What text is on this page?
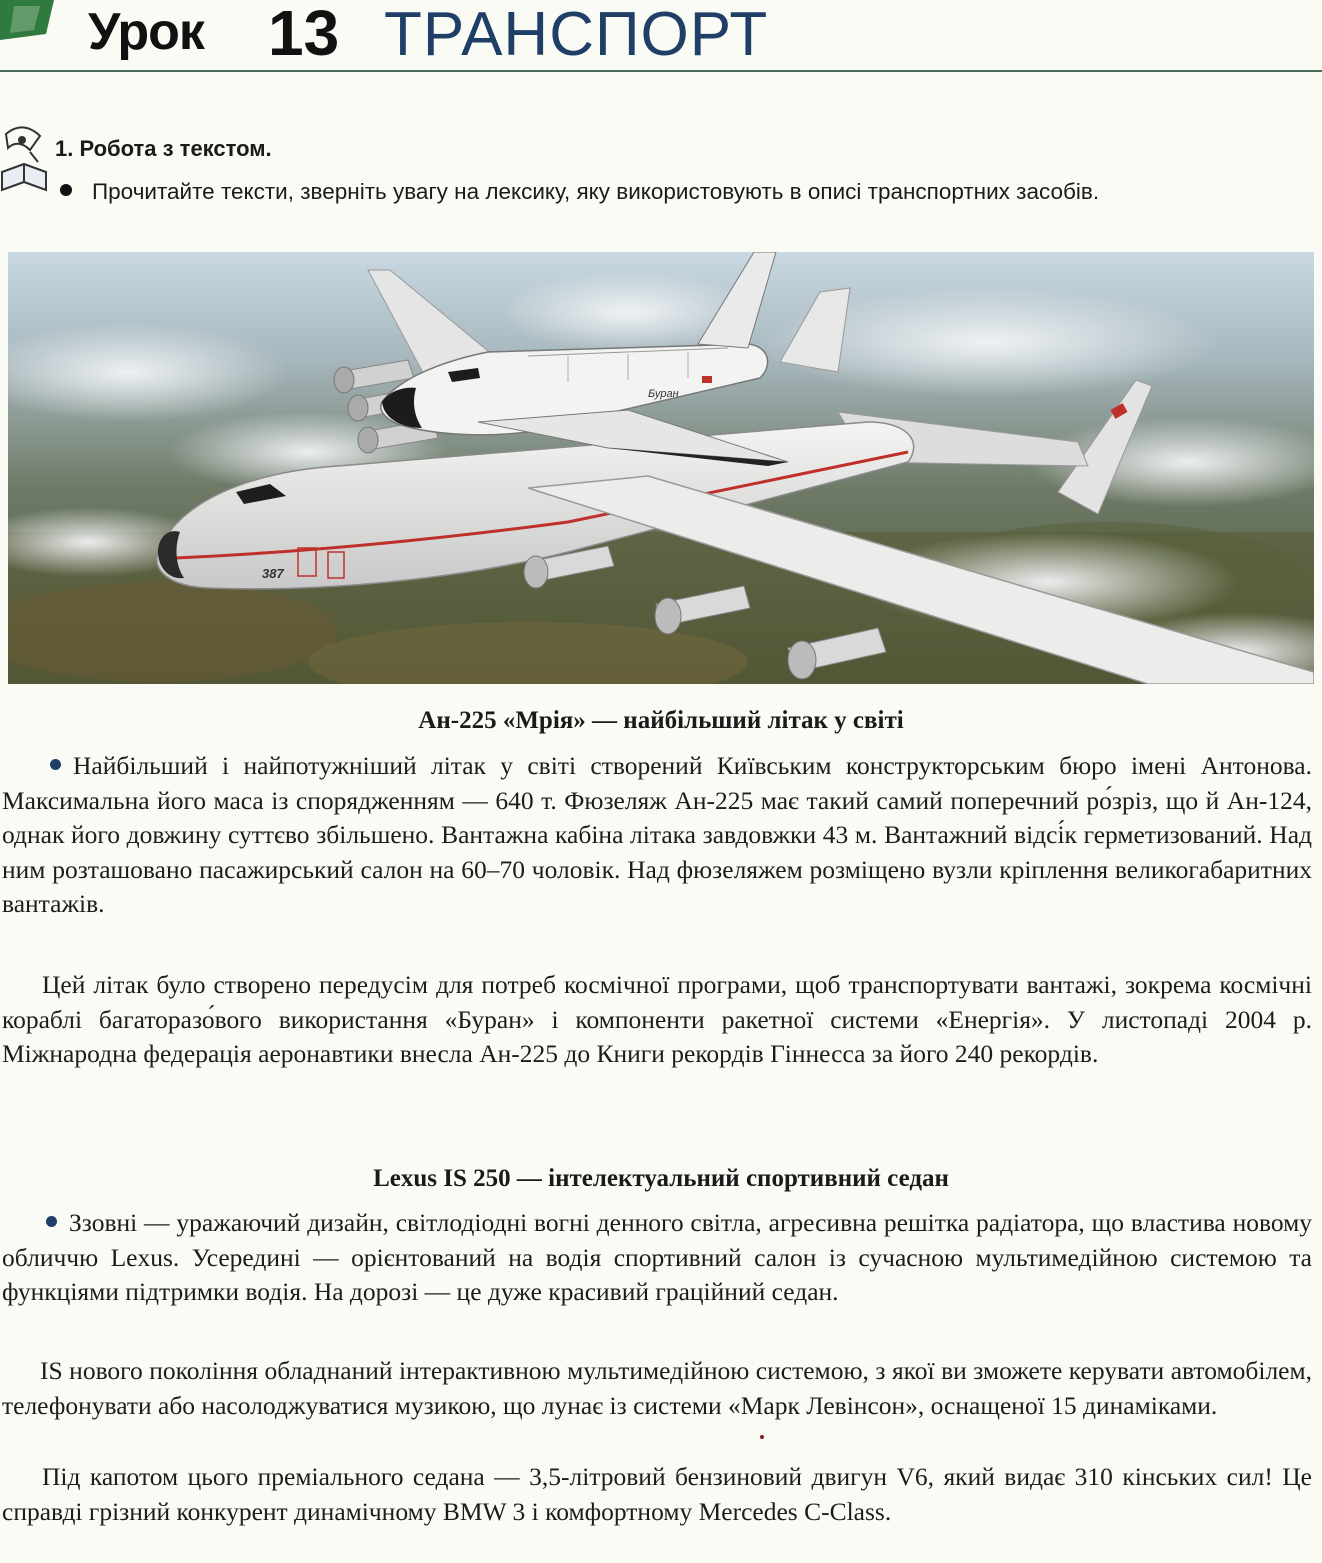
Урок 13 ТРАНСПОРТ
1. Робота з текстом.
Прочитайте тексти, зверніть увагу на лексику, яку використовують в описі транспортних засобів.
387
Буран
Ан-225 «Мрія» — найбільший літак у світі
Найбільший і найпотужніший літак у світі створений Київським конструкторським бюро імені Антонова. Максимальна його маса із спорядженням — 640 т. Фюзеляж Ан-225 має такий самий поперечний ро́зріз, що й Ан-124, однак його довжину суттєво збільшено. Вантажна кабіна літака завдовжки 43 м. Вантажний відсі́к герметизований. Над ним розташовано пасажирський салон на 60–70 чоловік. Над фюзеляжем розміщено вузли кріплення великогабаритних вантажів.
Цей літак було створено передусім для потреб космічної програми, щоб транспортувати вантажі, зокрема космічні кораблі багаторазо́вого використання «Буран» і компоненти ракетної системи «Енергія». У листопаді 2004 р. Міжнародна федерація аеронавтики внесла Ан-225 до Книги рекордів Гіннесса за його 240 рекордів.
Lexus IS 250 — інтелектуальний спортивний седан
Ззовні — уражаючий дизайн, світлодіодні вогні денного світла, агресивна решітка радіатора, що властива новому обличчю Lexus. Усередині — орієнтований на водія спортивний салон із сучасною мультимедійною системою та функціями підтримки водія. На дорозі — це дуже красивий граційний седан.
IS нового покоління обладнаний інтерактивною мультимедійною системою, з якої ви зможете керувати автомобілем, телефонувати або насолоджуватися музикою, що лунає із системи «Марк Левінсон», оснащеної 15 динаміками.
Під капотом цього преміального седана — 3,5-літровий бензиновий двигун V6, який видає 310 кінських сил! Це справді грізний конкурент динамічному BMW 3 і комфортному Mercedes C-Class.
